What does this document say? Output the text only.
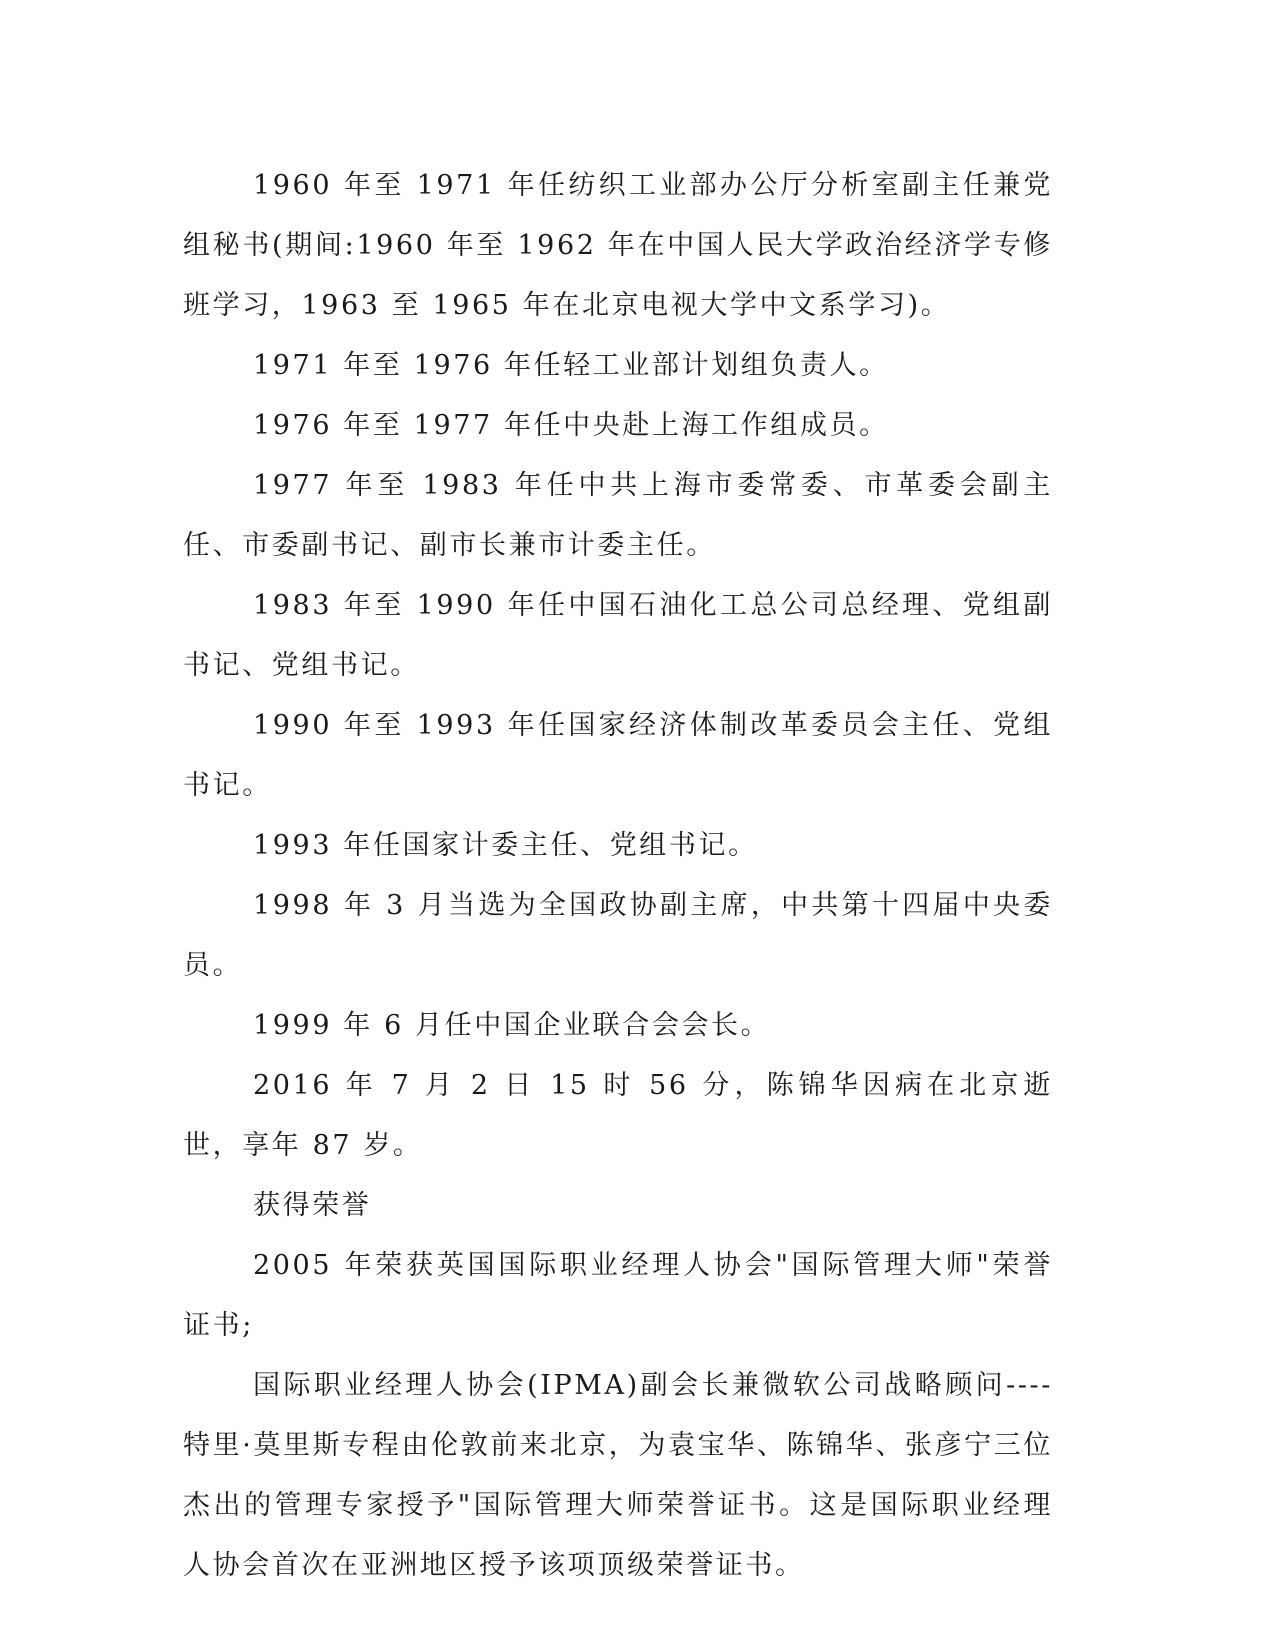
1960 年至 1971 年任纺织工业部办公厅分析室副主任兼党组秘书(期间:1960 年至 1962 年在中国人民大学政治经济学专修班学习，1963 至 1965 年在北京电视大学中文系学习)。

1971 年至 1976 年任轻工业部计划组负责人。

1976 年至 1977 年任中央赴上海工作组成员。

1977 年至 1983 年任中共上海市委常委、市革委会副主任、市委副书记、副市长兼市计委主任。

1983 年至 1990 年任中国石油化工总公司总经理、党组副书记、党组书记。

1990 年至 1993 年任国家经济体制改革委员会主任、党组书记。

1993 年任国家计委主任、党组书记。

1998 年 3 月当选为全国政协副主席，中共第十四届中央委员。

1999 年 6 月任中国企业联合会会长。

2016 年 7 月 2 日 15 时 56 分，陈锦华因病在北京逝世，享年 87 岁。

获得荣誉

2005 年荣获英国国际职业经理人协会"国际管理大师"荣誉证书;

国际职业经理人协会(IPMA)副会长兼微软公司战略顾问----特里·莫里斯专程由伦敦前来北京，为袁宝华、陈锦华、张彦宁三位杰出的管理专家授予"国际管理大师荣誉证书。这是国际职业经理人协会首次在亚洲地区授予该项顶级荣誉证书。
